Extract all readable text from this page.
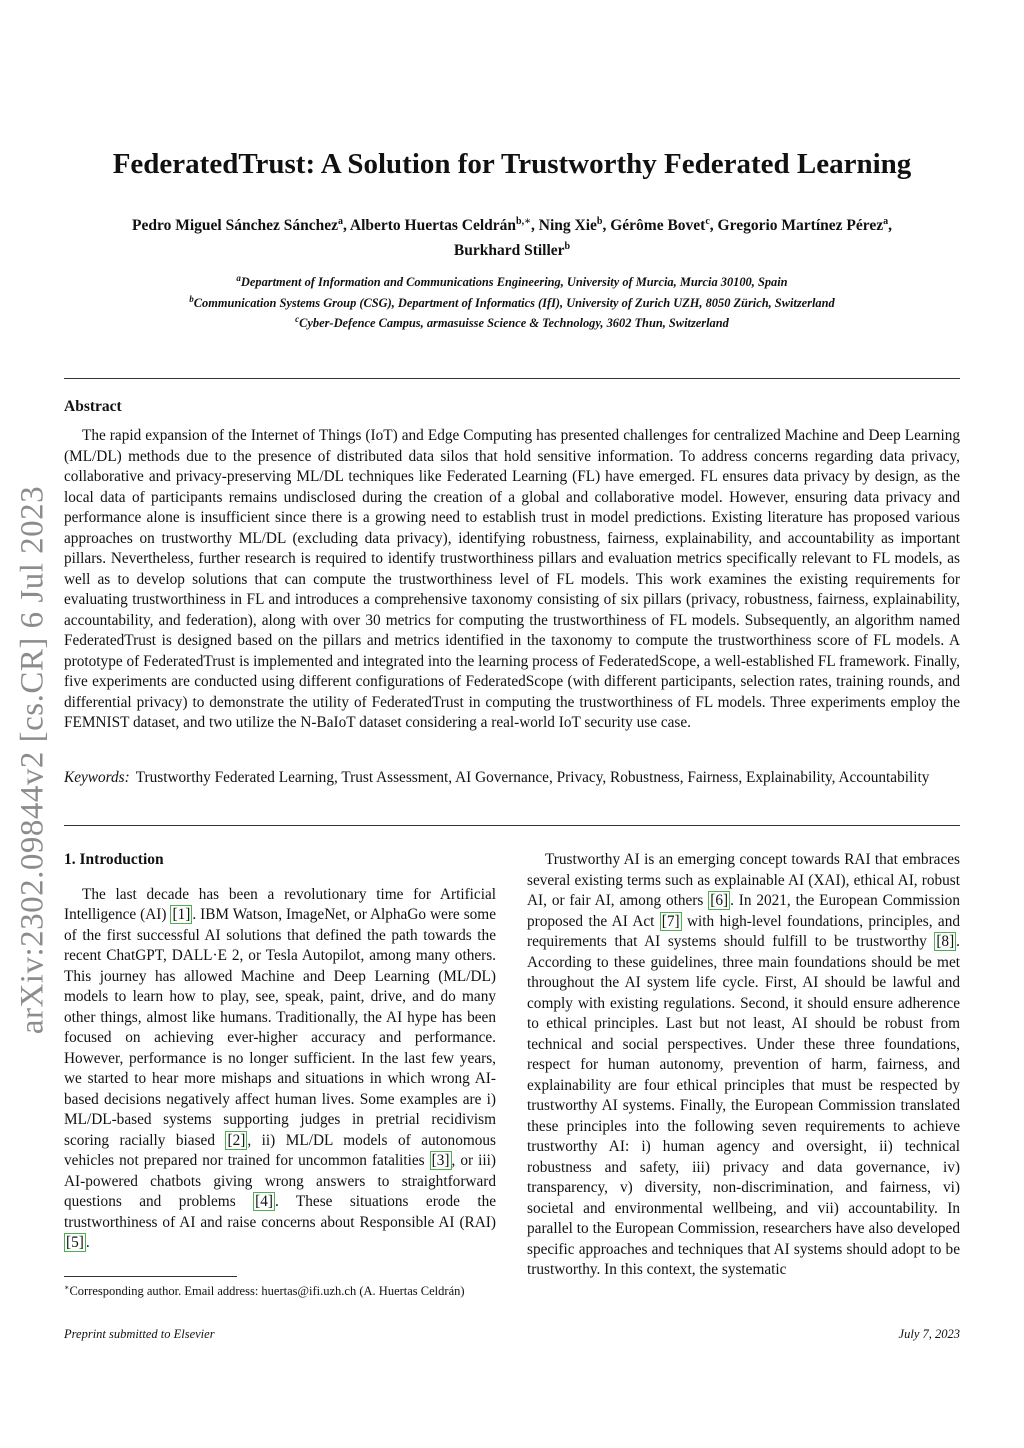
arXiv:2302.09844v2 [cs.CR] 6 Jul 2023
FederatedTrust: A Solution for Trustworthy Federated Learning
Pedro Miguel Sánchez Sánchez$^a$, Alberto Huertas Celdrán$^{b,∗}$, Ning Xie$^b$, Gérôme Bovet$^c$, Gregorio Martínez Pérez$^a$,
Burkhard Stiller$^b$
$^a$Department of Information and Communications Engineering, University of Murcia, Murcia 30100, Spain
$^b$Communication Systems Group (CSG), Department of Informatics (IfI), University of Zurich UZH, 8050 Zürich, Switzerland
$^c$Cyber-Defence Campus, armasuisse Science & Technology, 3602 Thun, Switzerland
Abstract

The rapid expansion of the Internet of Things (IoT) and Edge Computing has presented challenges for centralized Machine and Deep Learning (ML/DL) methods due to the presence of distributed data silos that hold sensitive information. To address concerns regarding data privacy, collaborative and privacy-preserving ML/DL techniques like Federated Learning (FL) have emerged. FL ensures data privacy by design, as the local data of participants remains undisclosed during the creation of a global and collaborative model. However, ensuring data privacy and performance alone is insufficient since there is a growing need to establish trust in model predictions. Existing literature has proposed various approaches on trustworthy ML/DL (excluding data privacy), identifying robustness, fairness, explainability, and accountability as important pillars. Nevertheless, further research is required to identify trustworthiness pillars and evaluation metrics specifically relevant to FL models, as well as to develop solutions that can compute the trustworthiness level of FL models. This work examines the existing requirements for evaluating trustworthiness in FL and introduces a comprehensive taxonomy consisting of six pillars (privacy, robustness, fairness, explainability, accountability, and federation), along with over 30 metrics for computing the trustworthiness of FL models. Subsequently, an algorithm named FederatedTrust is designed based on the pillars and metrics identified in the taxonomy to compute the trustworthiness score of FL models. A prototype of FederatedTrust is implemented and integrated into the learning process of FederatedScope, a well-established FL framework. Finally, five experiments are conducted using different configurations of FederatedScope (with different participants, selection rates, training rounds, and differential privacy) to demonstrate the utility of FederatedTrust in computing the trustworthiness of FL models. Three experiments employ the FEMNIST dataset, and two utilize the N-BaIoT dataset considering a real-world IoT security use case.

Keywords: Trustworthy Federated Learning, Trust Assessment, AI Governance, Privacy, Robustness, Fairness, Explainability, Accountability

1. Introduction

The last decade has been a revolutionary time for Artificial Intelligence (AI) [1] . IBM Watson, ImageNet, or AlphaGo were some of the first successful AI solutions that defined the path towards the recent ChatGPT, DALL·E 2, or Tesla Autopilot, among many others. This journey has allowed Machine and Deep Learning (ML/DL) models to learn how to play, see, speak, paint, drive, and do many other things, almost like humans. Traditionally, the AI hype has been focused on achieving ever-higher accuracy and performance. However, performance is no longer sufficient. In the last few years, we started to hear more mishaps and situations in which wrong AI-based decisions negatively affect human lives. Some examples are i) ML/DL-based systems supporting judges in pretrial recidivism scoring racially biased [2] , ii) ML/DL models of autonomous vehicles not prepared nor trained for uncommon fatalities [3] , or iii) AI-powered chatbots giving wrong answers to straightforward questions and problems [4] . These situations erode the trustworthiness of AI and raise concerns about Responsible AI (RAI) [5] .

Trustworthy AI is an emerging concept towards RAI that embraces several existing terms such as explainable AI (XAI), ethical AI, robust AI, or fair AI, among others [6] . In 2021, the European Commission proposed the AI Act [7] with high-level foundations, principles, and requirements that AI systems should fulfill to be trustworthy [8] . According to these guidelines, three main foundations should be met throughout the AI system life cycle. First, AI should be lawful and comply with existing regulations. Second, it should ensure adherence to ethical principles. Last but not least, AI should be robust from technical and social perspectives. Under these three foundations, respect for human autonomy, prevention of harm, fairness, and explainability are four ethical principles that must be respected by trustworthy AI systems. Finally, the European Commission translated these principles into the following seven requirements to achieve trustworthy AI: i) human agency and oversight, ii) technical robustness and safety, iii) privacy and data governance, iv) transparency, v) diversity, non-discrimination, and fairness, vi) societal and environmental wellbeing, and vii) accountability. In parallel to the European Commission, researchers have also developed specific approaches and techniques that AI systems should adopt to be trustworthy. In this context, the systematic

∗Corresponding author. Email address: huertas@ifi.uzh.ch (A. Huertas Celdrán)

Preprint submitted to Elsevier	July 7, 2023
